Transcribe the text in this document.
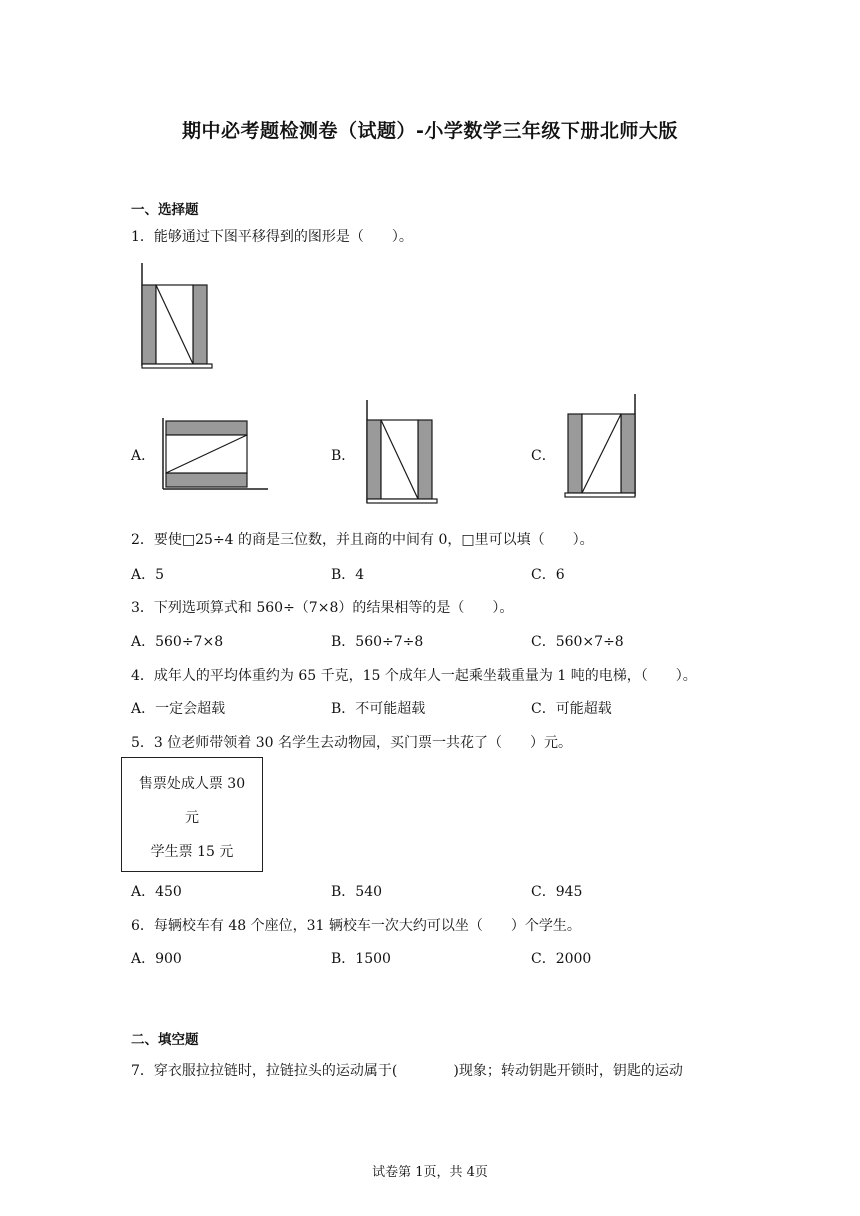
期中必考题检测卷（试题）-小学数学三年级下册北师大版
一、选择题
1．能够通过下图平移得到的图形是（　　）。
A．	B．	C．
2．要使□25÷4 的商是三位数，并且商的中间有 0，□里可以填（　　）。
A．5	B．4	C．6
3．下列选项算式和 560÷（7×8）的结果相等的是（　　）。
A．560÷7×8	B．560÷7÷8	C．560×7÷8
4．成年人的平均体重约为 65 千克，15 个成年人一起乘坐载重量为 1 吨的电梯，（　　）。
A．一定会超载	B．不可能超载	C．可能超载
5．3 位老师带领着 30 名学生去动物园，买门票一共花了（　　）元。
售票处成人票 30
元
学生票 15 元
A．450	B．540	C．945
6．每辆校车有 48 个座位，31 辆校车一次大约可以坐（　　）个学生。
A．900	B．1500	C．2000
二、填空题
7．穿衣服拉拉链时，拉链拉头的运动属于(　　　　)现象；转动钥匙开锁时，钥匙的运动
试卷第 1页，共 4页
